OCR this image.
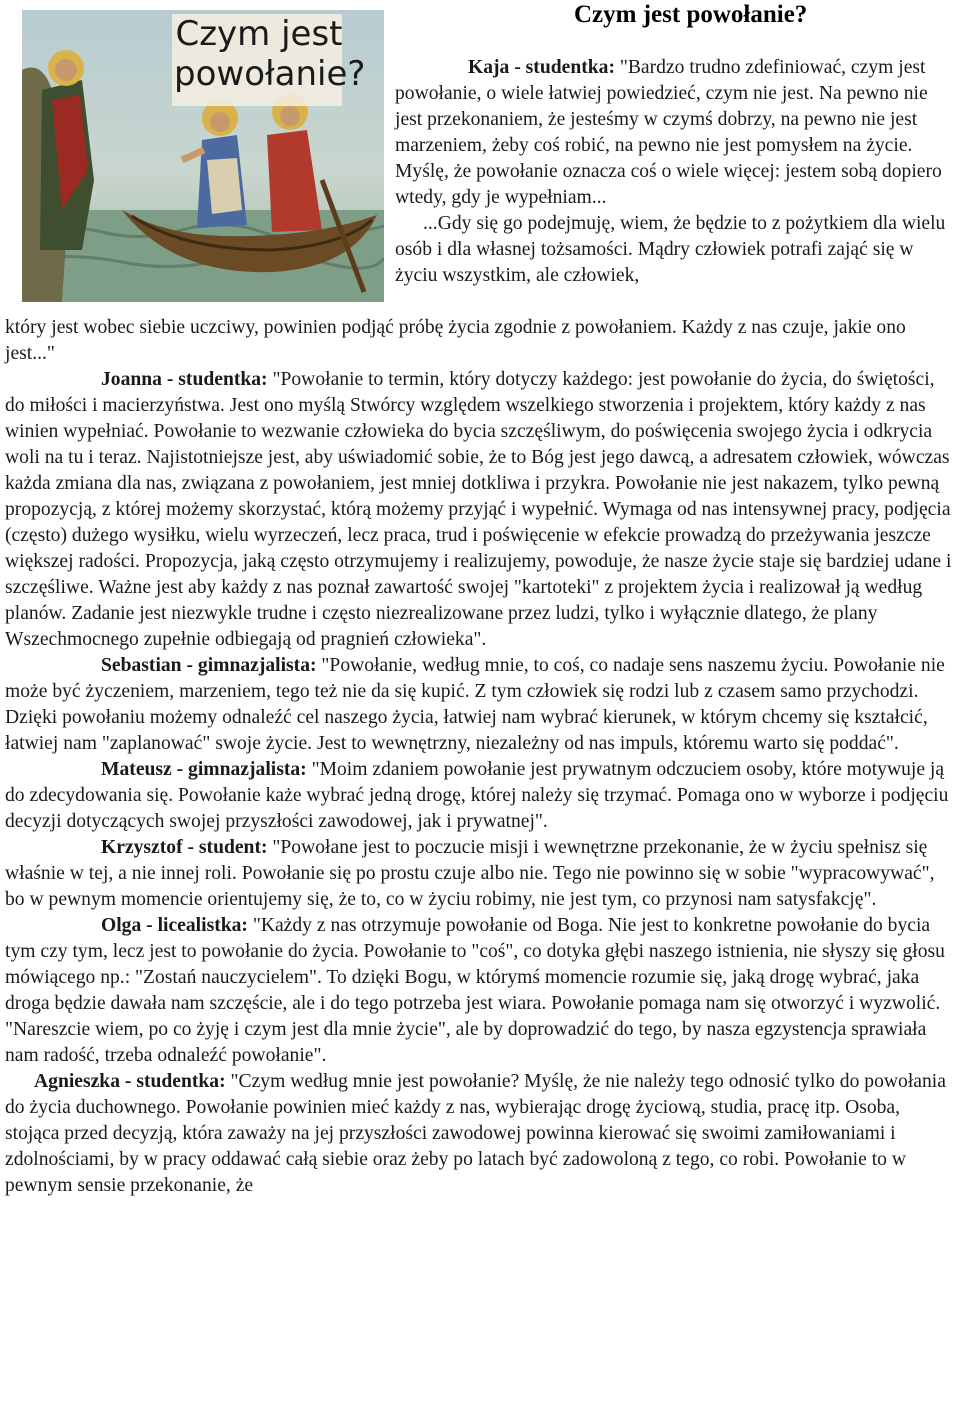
Czym jest
powołanie?
Czym jest powołanie?

Kaja - studentka: "Bardzo trudno zdefiniować, czym jest powołanie, o wiele łatwiej powiedzieć, czym nie jest. Na pewno nie jest przekonaniem, że jesteśmy w czymś dobrzy, na pewno nie jest marzeniem, żeby coś robić, na pewno nie jest pomysłem na życie. Myślę, że powołanie oznacza coś o wiele więcej: jestem sobą dopiero wtedy, gdy je wypełniam...

...Gdy się go podejmuję, wiem, że będzie to z pożytkiem dla wielu osób i dla własnej tożsamości. Mądry człowiek potrafi zająć się w życiu wszystkim, ale człowiek,

który jest wobec siebie uczciwy, powinien podjąć próbę życia zgodnie z powołaniem. Każdy z nas czuje, jakie ono jest..."

Joanna - studentka: "Powołanie to termin, który dotyczy każdego: jest powołanie do życia, do świętości, do miłości i macierzyństwa. Jest ono myślą Stwórcy względem wszelkiego stworzenia i projektem, który każdy z nas winien wypełniać. Powołanie to wezwanie człowieka do bycia szczęśliwym, do poświęcenia swojego życia i odkrycia woli na tu i teraz. Najistotniejsze jest, aby uświadomić sobie, że to Bóg jest jego dawcą, a adresatem człowiek, wówczas każda zmiana dla nas, związana z powołaniem, jest mniej dotkliwa i przykra. Powołanie nie jest nakazem, tylko pewną propozycją, z której możemy skorzystać, którą możemy przyjąć i wypełnić. Wymaga od nas intensywnej pracy, podjęcia (często) dużego wysiłku, wielu wyrzeczeń, lecz praca, trud i poświęcenie w efekcie prowadzą do przeżywania jeszcze większej radości. Propozycja, jaką często otrzymujemy i realizujemy, powoduje, że nasze życie staje się bardziej udane i szczęśliwe. Ważne jest aby każdy z nas poznał zawartość swojej "kartoteki" z projektem życia i realizował ją według planów. Zadanie jest niezwykle trudne i często niezrealizowane przez ludzi, tylko i wyłącznie dlatego, że plany Wszechmocnego zupełnie odbiegają od pragnień człowieka".

Sebastian - gimnazjalista: "Powołanie, według mnie, to coś, co nadaje sens naszemu życiu. Powołanie nie może być życzeniem, marzeniem, tego też nie da się kupić. Z tym człowiek się rodzi lub z czasem samo przychodzi. Dzięki powołaniu możemy odnaleźć cel naszego życia, łatwiej nam wybrać kierunek, w którym chcemy się kształcić, łatwiej nam "zaplanować" swoje życie. Jest to wewnętrzny, niezależny od nas impuls, któremu warto się poddać".

Mateusz - gimnazjalista: "Moim zdaniem powołanie jest prywatnym odczuciem osoby, które motywuje ją do zdecydowania się. Powołanie każe wybrać jedną drogę, której należy się trzymać. Pomaga ono w wyborze i podjęciu decyzji dotyczących swojej przyszłości zawodowej, jak i prywatnej".

Krzysztof - student: "Powołane jest to poczucie misji i wewnętrzne przekonanie, że w życiu spełnisz się właśnie w tej, a nie innej roli. Powołanie się po prostu czuje albo nie. Tego nie powinno się w sobie "wypracowywać", bo w pewnym momencie orientujemy się, że to, co w życiu robimy, nie jest tym, co przynosi nam satysfakcję".

Olga - licealistka: "Każdy z nas otrzymuje powołanie od Boga. Nie jest to konkretne powołanie do bycia tym czy tym, lecz jest to powołanie do życia. Powołanie to "coś", co dotyka głębi naszego istnienia, nie słyszy się głosu mówiącego np.: "Zostań nauczycielem". To dzięki Bogu, w którymś momencie rozumie się, jaką drogę wybrać, jaka droga będzie dawała nam szczęście, ale i do tego potrzeba jest wiara. Powołanie pomaga nam się otworzyć i wyzwolić. "Nareszcie wiem, po co żyję i czym jest dla mnie życie", ale by doprowadzić do tego, by nasza egzystencja sprawiała nam radość, trzeba odnaleźć powołanie".

Agnieszka - studentka: "Czym według mnie jest powołanie? Myślę, że nie należy tego odnosić tylko do powołania do życia duchownego. Powołanie powinien mieć każdy z nas, wybierając drogę życiową, studia, pracę itp. Osoba, stojąca przed decyzją, która zaważy na jej przyszłości zawodowej powinna kierować się swoimi zamiłowaniami i zdolnościami, by w pracy oddawać całą siebie oraz żeby po latach być zadowoloną z tego, co robi. Powołanie to w pewnym sensie przekonanie, że
